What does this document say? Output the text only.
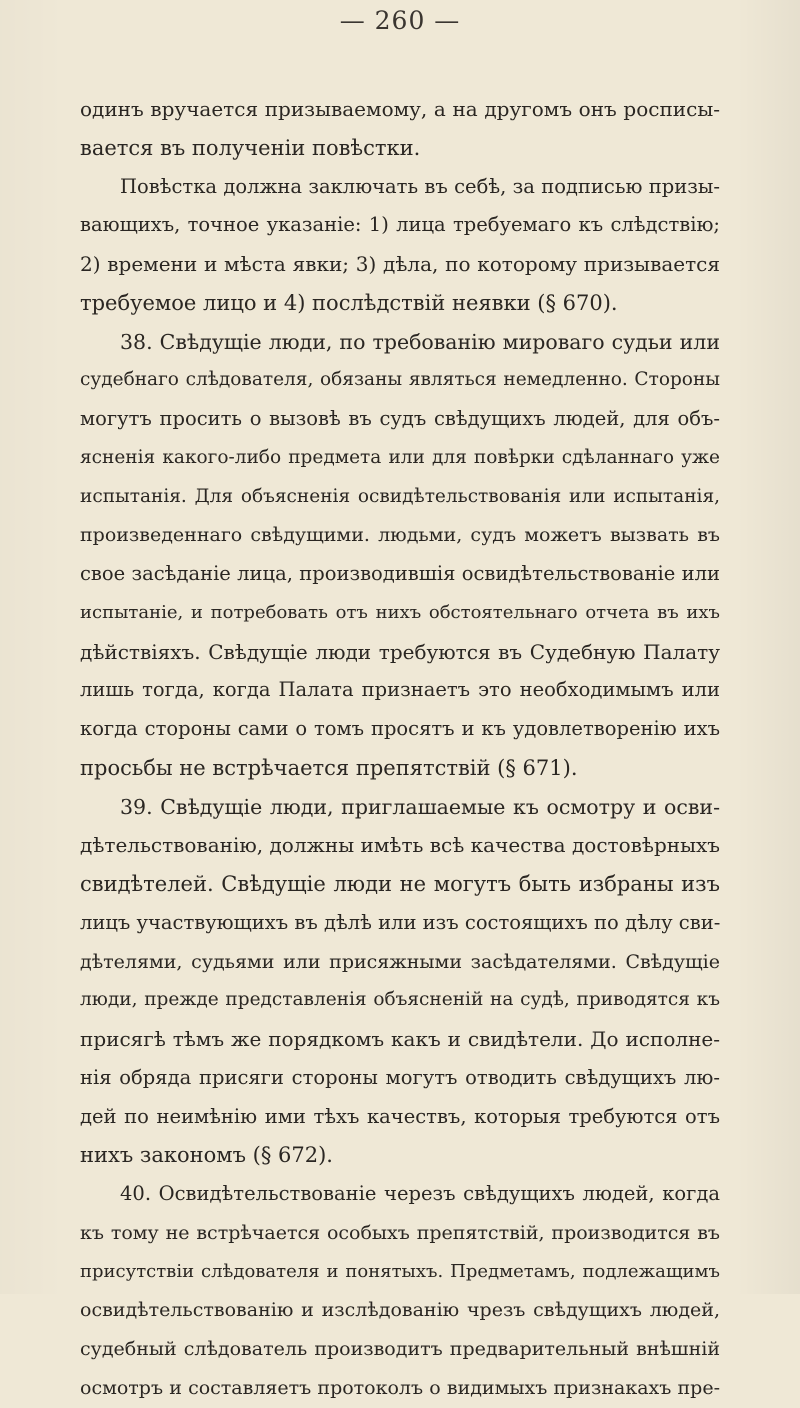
— 260 —
одинъ вручается призываемому, а на другомъ онъ росписы-
вается въ полученіи повѣстки.
Повѣстка должна заключать въ себѣ, за подписью призы-
вающихъ, точное указаніе: 1) лица требуемаго къ слѣдствію;
2) времени и мѣста явки; 3) дѣла, по которому призывается
требуемое лицо и 4) послѣдствій неявки (§ 670).
38. Свѣдущіе люди, по требованію мироваго судьи или
судебнаго слѣдователя, обязаны являться немедленно. Стороны
могутъ просить о вызовѣ въ судъ свѣдущихъ людей, для объ-
ясненія какого-либо предмета или для повѣрки сдѣланнаго уже
испытанія. Для объясненія освидѣтельствованія или испытанія,
произведеннаго свѣдущими. людьми, судъ можетъ вызвать въ
свое засѣданіе лица, производившія освидѣтельствованіе или
испытаніе, и потребовать отъ нихъ обстоятельнаго отчета въ ихъ
дѣйствіяхъ. Свѣдущіе люди требуются въ Судебную Палату
лишь тогда, когда Палата признаетъ это необходимымъ или
когда стороны сами о томъ просятъ и къ удовлетворенію ихъ
просьбы не встрѣчается препятствій (§ 671).
39. Свѣдущіе люди, приглашаемые къ осмотру и осви-
дѣтельствованію, должны имѣть всѣ качества достовѣрныхъ
свидѣтелей. Свѣдущіе люди не могутъ быть избраны изъ
лицъ участвующихъ въ дѣлѣ или изъ состоящихъ по дѣлу сви-
дѣтелями, судьями или присяжными засѣдателями. Свѣдущіе
люди, прежде представленія объясненій на судѣ, приводятся къ
присягѣ тѣмъ же порядкомъ какъ и свидѣтели. До исполне-
нія обряда присяги стороны могутъ отводить свѣдущихъ лю-
дей по неимѣнію ими тѣхъ качествъ, которыя требуются отъ
нихъ закономъ (§ 672).
40. Освидѣтельствованіе черезъ свѣдущихъ людей, когда
къ тому не встрѣчается особыхъ препятствій, производится въ
присутствіи слѣдователя и понятыхъ. Предметамъ, подлежащимъ
освидѣтельствованію и изслѣдованію чрезъ свѣдущихъ людей,
судебный слѣдователь производитъ предварительный внѣшній
осмотръ и составляетъ протоколъ о видимыхъ признакахъ пре-
